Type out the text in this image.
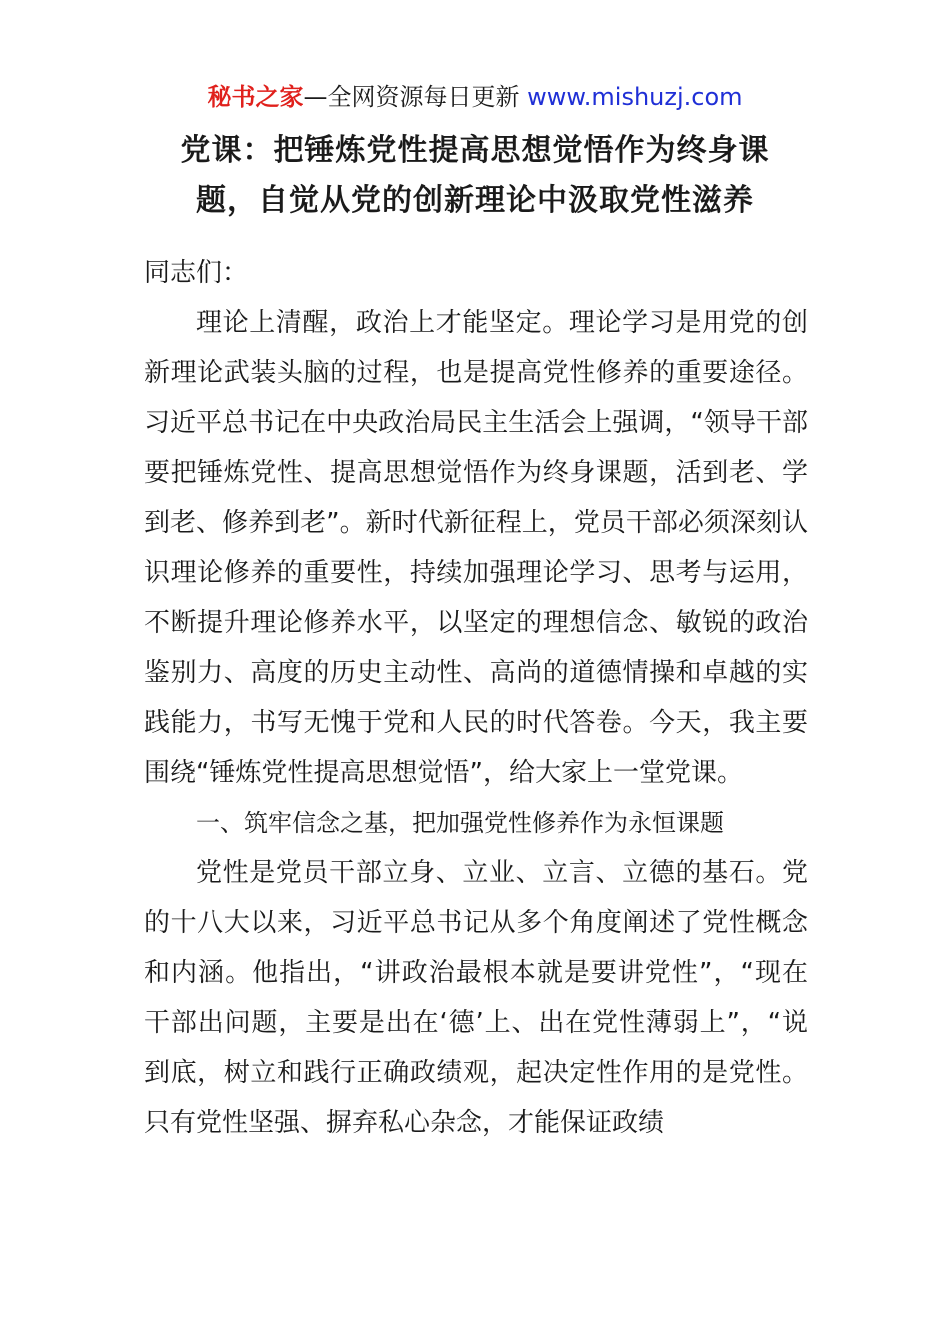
秘书之家—全网资源每日更新 www.mishuzj.com
党课：把锤炼党性提高思想觉悟作为终身课题，自觉从党的创新理论中汲取党性滋养

同志们：

理论上清醒，政治上才能坚定。理论学习是用党的创新理论武装头脑的过程，也是提高党性修养的重要途径。习近平总书记在中央政治局民主生活会上强调，“领导干部要把锤炼党性、提高思想觉悟作为终身课题，活到老、学到老、修养到老”。新时代新征程上，党员干部必须深刻认识理论修养的重要性，持续加强理论学习、思考与运用，不断提升理论修养水平，以坚定的理想信念、敏锐的政治鉴别力、高度的历史主动性、高尚的道德情操和卓越的实践能力，书写无愧于党和人民的时代答卷。今天，我主要围绕“锤炼党性提高思想觉悟”，给大家上一堂党课。

一、筑牢信念之基，把加强党性修养作为永恒课题

党性是党员干部立身、立业、立言、立德的基石。党的十八大以来，习近平总书记从多个角度阐述了党性概念和内涵。他指出，“讲政治最根本就是要讲党性”，“现在干部出问题，主要是出在‘德’上、出在党性薄弱上”，“说到底，树立和践行正确政绩观，起决定性作用的是党性。只有党性坚强、摒弃私心杂念，才能保证政绩
